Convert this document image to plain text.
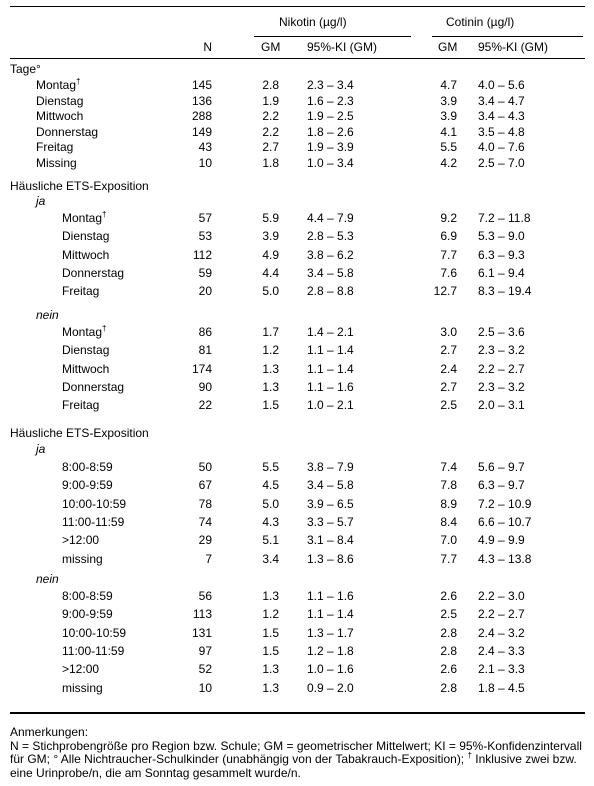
Nikotin (µg/l)	Cotinin (µg/l)
N	GM 95%-KI (GM)	GM 95%-KI (GM)
Tage°
Montag†	145	2.8 2.3 – 3.4	4.7 4.0 – 5.6
Dienstag	136	1.9 1.6 – 2.3	3.9 3.4 – 4.7
Mittwoch	288	2.2 1.9 – 2.5	3.9 3.4 – 4.3
Donnerstag	149	2.2 1.8 – 2.6	4.1 3.5 – 4.8
Freitag	43	2.7 1.9 – 3.9	5.5 4.0 – 7.6
Missing	10	1.8 1.0 – 3.4	4.2 2.5 – 7.0
Häusliche ETS-Exposition
ja
Montag†	57	5.9 4.4 – 7.9	9.2 7.2 – 11.8
Dienstag	53	3.9 2.8 – 5.3	6.9 5.3 – 9.0
Mittwoch	112	4.9 3.8 – 6.2	7.7 6.3 – 9.3
Donnerstag	59	4.4 3.4 – 5.8	7.6 6.1 – 9.4
Freitag	20	5.0 2.8 – 8.8	12.7 8.3 – 19.4
nein
Montag†	86	1.7 1.4 – 2.1	3.0 2.5 – 3.6
Dienstag	81	1.2 1.1 – 1.4	2.7 2.3 – 3.2
Mittwoch	174	1.3 1.1 – 1.4	2.4 2.2 – 2.7
Donnerstag	90	1.3 1.1 – 1.6	2.7 2.3 – 3.2
Freitag	22	1.5 1.0 – 2.1	2.5 2.0 – 3.1
Häusliche ETS-Exposition
ja
8:00-8:59	50	5.5 3.8 – 7.9	7.4 5.6 – 9.7
9:00-9:59	67	4.5 3.4 – 5.8	7.8 6.3 – 9.7
10:00-10:59	78	5.0 3.9 – 6.5	8.9 7.2 – 10.9
11:00-11:59	74	4.3 3.3 – 5.7	8.4 6.6 – 10.7
>12:00	29	5.1 3.1 – 8.4	7.0 4.9 – 9.9
missing	7	3.4 1.3 – 8.6	7.7 4.3 – 13.8
nein
8:00-8:59	56	1.3 1.1 – 1.6	2.6 2.2 – 3.0
9:00-9:59	113	1.2 1.1 – 1.4	2.5 2.2 – 2.7
10:00-10:59	131	1.5 1.3 – 1.7	2.8 2.4 – 3.2
11:00-11:59	97	1.5 1.2 – 1.8	2.8 2.4 – 3.3
>12:00	52	1.3 1.0 – 1.6	2.6 2.1 – 3.3
missing	10	1.3 0.9 – 2.0	2.8 1.8 – 4.5
Anmerkungen:
N = Stichprobengröße pro Region bzw. Schule; GM = geometrischer Mittelwert; KI = 95%-Konfidenzintervall für GM; ° Alle Nichtraucher-Schulkinder (unabhängig von der Tabakrauch-Exposition); † Inklusive zwei bzw. eine Urinprobe/n, die am Sonntag gesammelt wurde/n.
